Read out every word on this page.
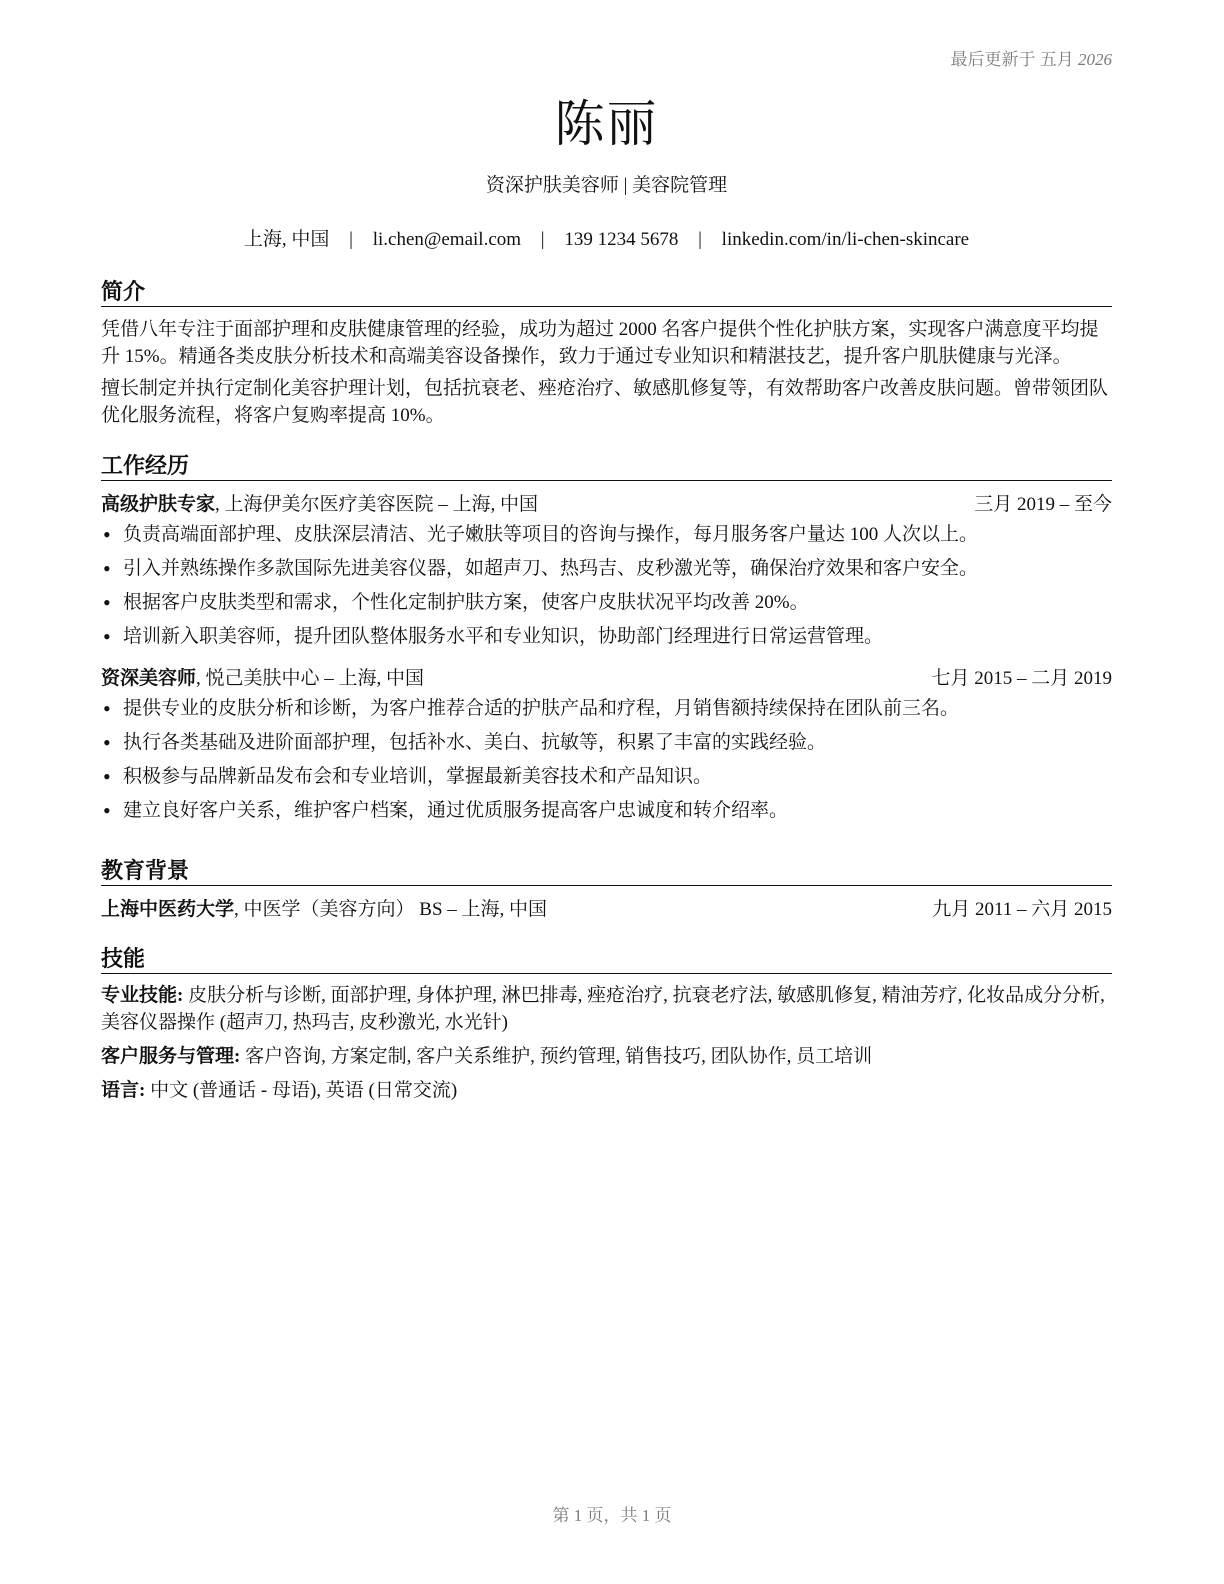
最后更新于 五月 2026
陈丽
资深护肤美容师 | 美容院管理
上海, 中国 | li.chen@email.com | 139 1234 5678 | linkedin.com/in/li-chen-skincare
简介
凭借八年专注于面部护理和皮肤健康管理的经验，成功为超过 2000 名客户提供个性化护肤方案，实现客户满意度平均提升 15%。精通各类皮肤分析技术和高端美容设备操作，致力于通过专业知识和精湛技艺，提升客户肌肤健康与光泽。
擅长制定并执行定制化美容护理计划，包括抗衰老、痤疮治疗、敏感肌修复等，有效帮助客户改善皮肤问题。曾带领团队优化服务流程，将客户复购率提高 10%。
工作经历
高级护肤专家, 上海伊美尔医疗美容医院 – 上海, 中国	三月 2019 – 至今
• 负责高端面部护理、皮肤深层清洁、光子嫩肤等项目的咨询与操作，每月服务客户量达 100 人次以上。
• 引入并熟练操作多款国际先进美容仪器，如超声刀、热玛吉、皮秒激光等，确保治疗效果和客户安全。
• 根据客户皮肤类型和需求，个性化定制护肤方案，使客户皮肤状况平均改善 20%。
• 培训新入职美容师，提升团队整体服务水平和专业知识，协助部门经理进行日常运营管理。
资深美容师, 悦己美肤中心 – 上海, 中国	七月 2015 – 二月 2019
• 提供专业的皮肤分析和诊断，为客户推荐合适的护肤产品和疗程，月销售额持续保持在团队前三名。
• 执行各类基础及进阶面部护理，包括补水、美白、抗敏等，积累了丰富的实践经验。
• 积极参与品牌新品发布会和专业培训，掌握最新美容技术和产品知识。
• 建立良好客户关系，维护客户档案，通过优质服务提高客户忠诚度和转介绍率。
教育背景
上海中医药大学, 中医学（美容方向） BS – 上海, 中国	九月 2011 – 六月 2015
技能
专业技能: 皮肤分析与诊断, 面部护理, 身体护理, 淋巴排毒, 痤疮治疗, 抗衰老疗法, 敏感肌修复, 精油芳疗, 化妆品成分分析, 美容仪器操作 (超声刀, 热玛吉, 皮秒激光, 水光针)
客户服务与管理: 客户咨询, 方案定制, 客户关系维护, 预约管理, 销售技巧, 团队协作, 员工培训
语言: 中文 (普通话 - 母语), 英语 (日常交流)
第 1 页，共 1 页
